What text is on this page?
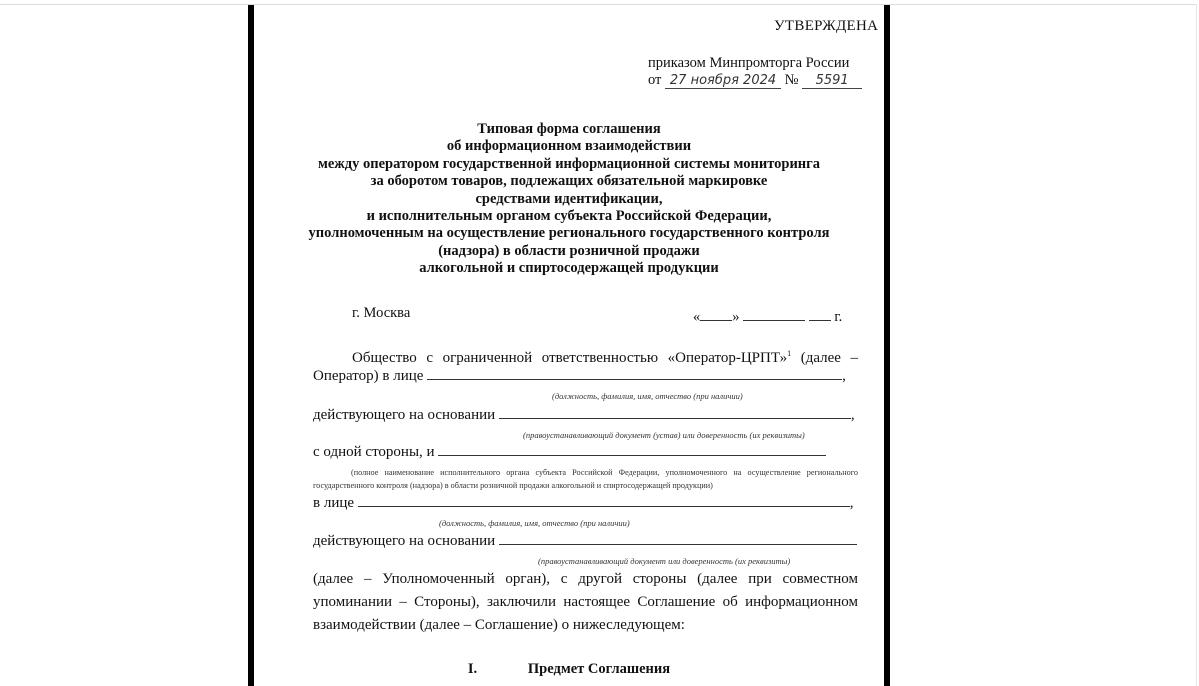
УТВЕРЖДЕНА
приказом Минпромторга России
от 27 ноября 2024 № 5591
Типовая форма соглашения
об информационном взаимодействии
между оператором государственной информационной системы мониторинга
за оборотом товаров, подлежащих обязательной маркировке
средствами идентификации,
и исполнительным органом субъекта Российской Федерации,
уполномоченным на осуществление регионального государственного контроля
(надзора) в области розничной продажи
алкогольной и спиртосодержащей продукции
г. Москва	« »	г.
Общество с ограниченной ответственностью «Оператор-ЦРПТ»$^1$ (далее –
Оператор) в лице	,
(должность, фамилия, имя, отчество (при наличии)
действующего на основании	,
(правоустанавливающий документ (устав) или доверенность (их реквизиты)
с одной стороны, и
(полное наименование исполнительного органа субъекта Российской Федерации, уполномоченного на осуществление регионального государственного контроля (надзора) в области розничной продажи алкогольной и спиртосодержащей продукции)
в лице	,
(должность, фамилия, имя, отчество (при наличии)
действующего на основании
(правоустанавливающий документ или доверенность (их реквизиты)
(далее – Уполномоченный орган), с другой стороны (далее при совместном
упоминании – Стороны), заключили настоящее Соглашение об информационном
взаимодействии (далее – Соглашение) о нижеследующем:
I.	Предмет Соглашения
